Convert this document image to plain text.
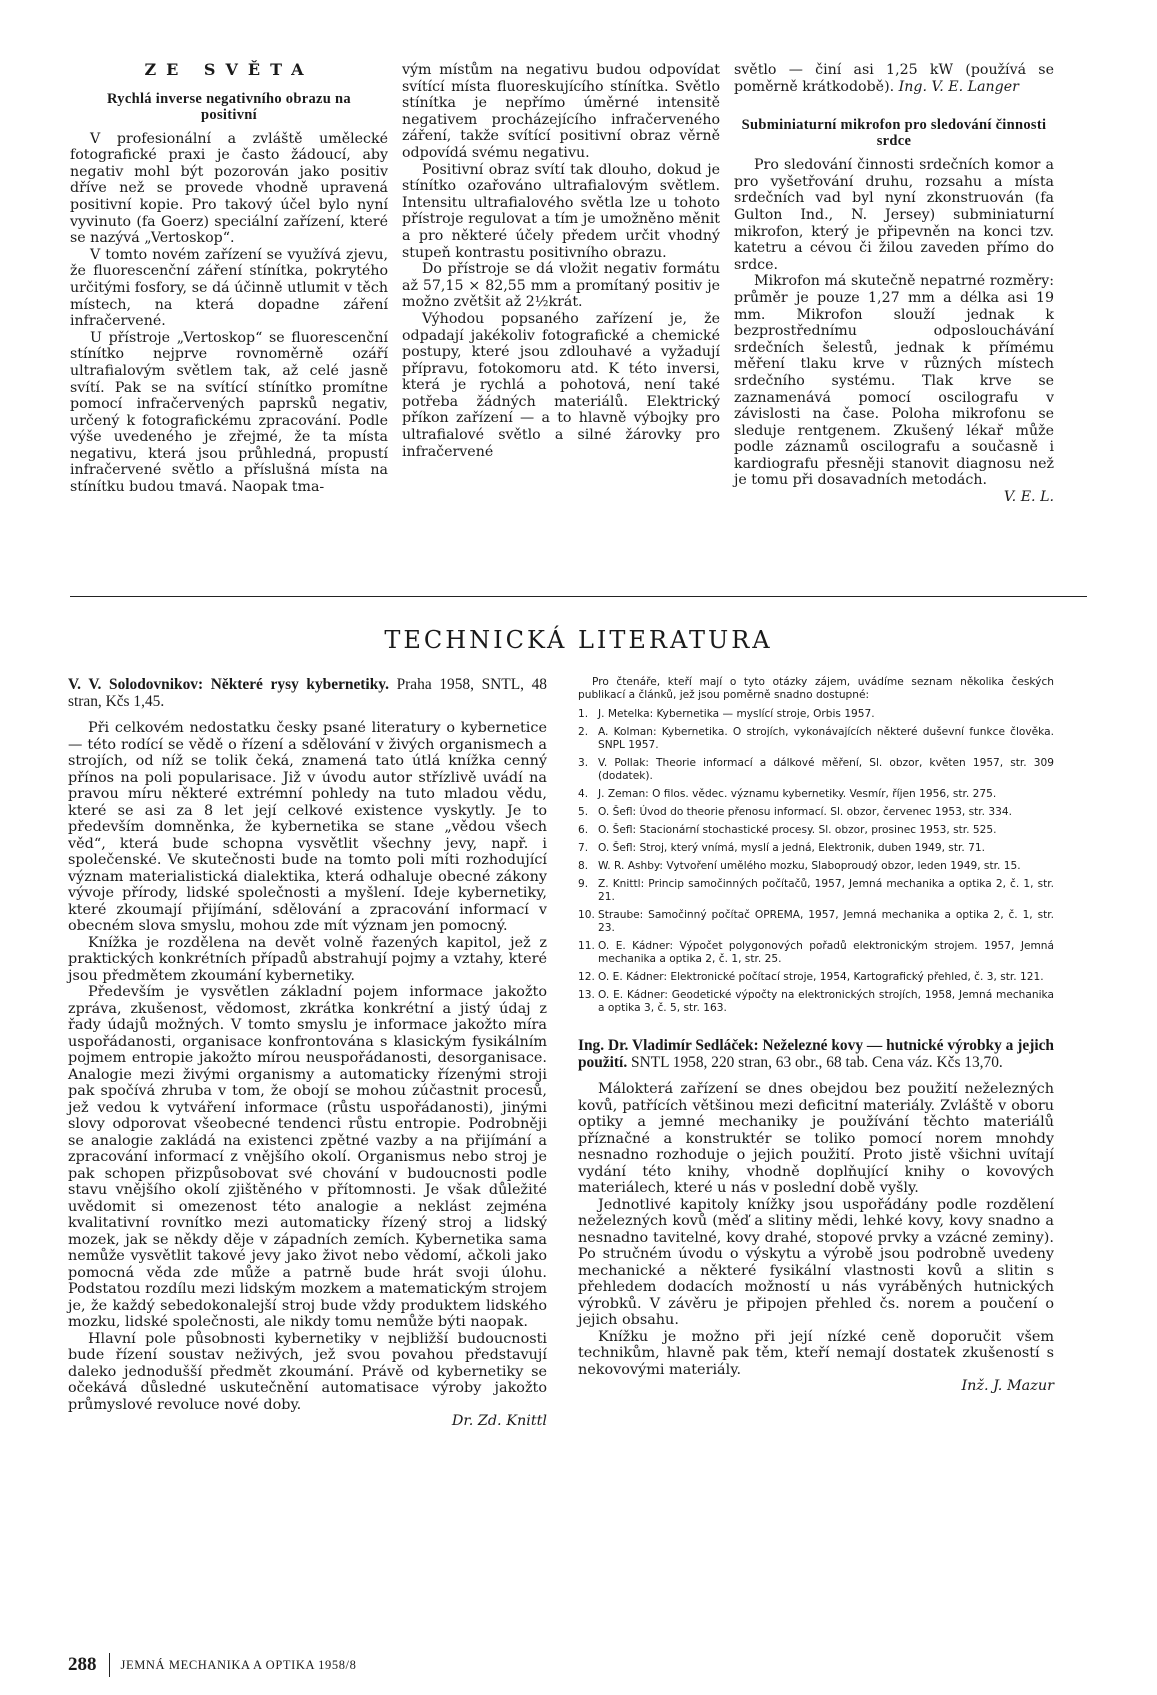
ZE SVĚTA
Rychlá inverse negativního obrazu na positivní

V profesionální a zvláště umělecké fotografické praxi je často žádoucí, aby negativ mohl být pozorován jako positiv dříve než se provede vhodně upravená positivní kopie. Pro takový účel bylo nyní vyvinuto (fa Goerz) speciální zařízení, které se nazývá „Vertoskop“.

V tomto novém zařízení se využívá zjevu, že fluorescenční záření stínítka, pokrytého určitými fosfory, se dá účinně utlumit v těch místech, na která dopadne záření infračervené.

U přístroje „Vertoskop“ se fluorescenční stínítko nejprve rovnoměrně ozáří ultrafialovým světlem tak, až celé jasně svítí. Pak se na svítící stínítko promítne pomocí infračervených paprsků negativ, určený k fotografickému zpracování. Podle výše uvedeného je zřejmé, že ta místa negativu, která jsou průhledná, propustí infračervené světlo a příslušná místa na stínítku budou tmavá. Naopak tma-

vým místům na negativu budou odpovídat svítící místa fluoreskujícího stínítka. Světlo stínítka je nepřímo úměrné intensitě negativem procházejícího infračerveného záření, takže svítící positivní obraz věrně odpovídá svému negativu.

Positivní obraz svítí tak dlouho, dokud je stínítko ozařováno ultrafialovým světlem. Intensitu ultrafialového světla lze u tohoto přístroje regulovat a tím je umožněno měnit a pro některé účely předem určit vhodný stupeň kontrastu positivního obrazu.

Do přístroje se dá vložit negativ formátu až 57,15 × 82,55 mm a promítaný positiv je možno zvětšit až 2½krát.

Výhodou popsaného zařízení je, že odpadají jakékoliv fotografické a chemické postupy, které jsou zdlouhavé a vyžadují přípravu, fotokomoru atd. K této inversi, která je rychlá a pohotová, není také potřeba žádných materiálů. Elektrický příkon zařízení — a to hlavně výbojky pro ultrafialové světlo a silné žárovky pro infračervené

světlo — činí asi 1,25 kW (používá se poměrně krátkodobě). Ing. V. E. Langer

Subminiaturní mikrofon pro sledování činnosti srdce

Pro sledování činnosti srdečních komor a pro vyšetřování druhu, rozsahu a místa srdečních vad byl nyní zkonstruován (fa Gulton Ind., N. Jersey) subminiaturní mikrofon, který je připevněn na konci tzv. katetru a cévou či žilou zaveden přímo do srdce.

Mikrofon má skutečně nepatrné rozměry: průměr je pouze 1,27 mm a délka asi 19 mm. Mikrofon slouží jednak k bezprostřednímu odposlouchávání srdečních šelestů, jednak k přímému měření tlaku krve v různých místech srdečního systému. Tlak krve se zaznamenává pomocí oscilografu v závislosti na čase. Poloha mikrofonu se sleduje rentgenem. Zkušený lékař může podle záznamů oscilografu a současně i kardiografu přesněji stanovit diagnosu než je tomu při dosavadních metodách.

V. E. L.

TECHNICKÁ LITERATURA
V. V. Solodovnikov: Některé rysy kybernetiky. Praha 1958, SNTL, 48 stran, Kčs 1,45.

Při celkovém nedostatku česky psané literatury o kybernetice — této rodící se vědě o řízení a sdělování v živých organismech a strojích, od níž se tolik čeká, znamená tato útlá knížka cenný přínos na poli popularisace. Již v úvodu autor střízlivě uvádí na pravou míru některé extrémní pohledy na tuto mladou vědu, které se asi za 8 let její celkové existence vyskytly. Je to především domněnka, že kybernetika se stane „vědou všech věd“, která bude schopna vysvětlit všechny jevy, např. i společenské. Ve skutečnosti bude na tomto poli míti rozhodující význam materialistická dialektika, která odhaluje obecné zákony vývoje přírody, lidské společnosti a myšlení. Ideje kybernetiky, které zkoumají přijímání, sdělování a zpracování informací v obecném slova smyslu, mohou zde mít význam jen pomocný.

Knížka je rozdělena na devět volně řazených kapitol, jež z praktických konkrétních případů abstrahují pojmy a vztahy, které jsou předmětem zkoumání kybernetiky.

Především je vysvětlen základní pojem informace jakožto zpráva, zkušenost, vědomost, zkrátka konkrétní a jistý údaj z řady údajů možných. V tomto smyslu je informace jakožto míra uspořádanosti, organisace konfrontována s klasickým fysikálním pojmem entropie jakožto mírou neuspořádanosti, desorganisace. Analogie mezi živými organismy a automaticky řízenými stroji pak spočívá zhruba v tom, že obojí se mohou zúčastnit procesů, jež vedou k vytváření informace (růstu uspořádanosti), jinými slovy odporovat všeobecné tendenci růstu entropie. Podrobněji se analogie zakládá na existenci zpětné vazby a na přijímání a zpracování informací z vnějšího okolí. Organismus nebo stroj je pak schopen přizpůsobovat své chování v budoucnosti podle stavu vnějšího okolí zjištěného v přítomnosti. Je však důležité uvědomit si omezenost této analogie a neklást zejména kvalitativní rovnítko mezi automaticky řízený stroj a lidský mozek, jak se někdy děje v západních zemích. Kybernetika sama nemůže vysvětlit takové jevy jako život nebo vědomí, ačkoli jako pomocná věda zde může a patrně bude hrát svoji úlohu. Podstatou rozdílu mezi lidským mozkem a matematickým strojem je, že každý sebedokonalejší stroj bude vždy produktem lidského mozku, lidské společnosti, ale nikdy tomu nemůže býti naopak.

Hlavní pole působnosti kybernetiky v nejbližší budoucnosti bude řízení soustav neživých, jež svou povahou představují daleko jednodušší předmět zkoumání. Právě od kybernetiky se očekává důsledné uskutečnění automatisace výroby jakožto průmyslové revoluce nové doby.

Dr. Zd. Knittl

Pro čtenáře, kteří mají o tyto otázky zájem, uvádíme seznam několika českých publikací a článků, jež jsou poměrně snadno dostupné:

1. J. Metelka: Kybernetika — myslící stroje, Orbis 1957.
2. A. Kolman: Kybernetika. O strojích, vykonávajících některé duševní funkce člověka. SNPL 1957.
3. V. Pollak: Theorie informací a dálkové měření, Sl. obzor, květen 1957, str. 309 (dodatek).
4. J. Zeman: O filos. vědec. významu kybernetiky. Vesmír, říjen 1956, str. 275.
5. O. Šefl: Úvod do theorie přenosu informací. Sl. obzor, červenec 1953, str. 334.
6. O. Šefl: Stacionární stochastické procesy. Sl. obzor, prosinec 1953, str. 525.
7. O. Šefl: Stroj, který vnímá, myslí a jedná, Elektronik, duben 1949, str. 71.
8. W. R. Ashby: Vytvoření umělého mozku, Slaboproudý obzor, leden 1949, str. 15.
9. Z. Knittl: Princip samočinných počítačů, 1957, Jemná mechanika a optika 2, č. 1, str. 21.
10. Straube: Samočinný počítač OPREMA, 1957, Jemná mechanika a optika 2, č. 1, str. 23.
11. O. E. Kádner: Výpočet polygonových pořadů elektronickým strojem. 1957, Jemná mechanika a optika 2, č. 1, str. 25.
12. O. E. Kádner: Elektronické počítací stroje, 1954, Kartografický přehled, č. 3, str. 121.
13. O. E. Kádner: Geodetické výpočty na elektronických strojích, 1958, Jemná mechanika a optika 3, č. 5, str. 163.
Ing. Dr. Vladimír Sedláček: Neželezné kovy — hutnické výrobky a jejich použití. SNTL 1958, 220 stran, 63 obr., 68 tab. Cena váz. Kčs 13,70.

Málokterá zařízení se dnes obejdou bez použití neželezných kovů, patřících většinou mezi deficitní materiály. Zvláště v oboru optiky a jemné mechaniky je používání těchto materiálů příznačné a konstruktér se toliko pomocí norem mnohdy nesnadno rozhoduje o jejich použití. Proto jistě všichni uvítají vydání této knihy, vhodně doplňující knihy o kovových materiálech, které u nás v poslední době vyšly.

Jednotlivé kapitoly knížky jsou uspořádány podle rozdělení neželezných kovů (měď a slitiny mědi, lehké kovy, kovy snadno a nesnadno tavitelné, kovy drahé, stopové prvky a vzácné zeminy). Po stručném úvodu o výskytu a výrobě jsou podrobně uvedeny mechanické a některé fysikální vlastnosti kovů a slitin s přehledem dodacích možností u nás vyráběných hutnických výrobků. V závěru je připojen přehled čs. norem a poučení o jejich obsahu.

Knížku je možno při její nízké ceně doporučit všem technikům, hlavně pak těm, kteří nemají dostatek zkušeností s nekovovými materiály.

Inž. J. Mazur

288 JEMNÁ MECHANIKA A OPTIKA 1958/8
